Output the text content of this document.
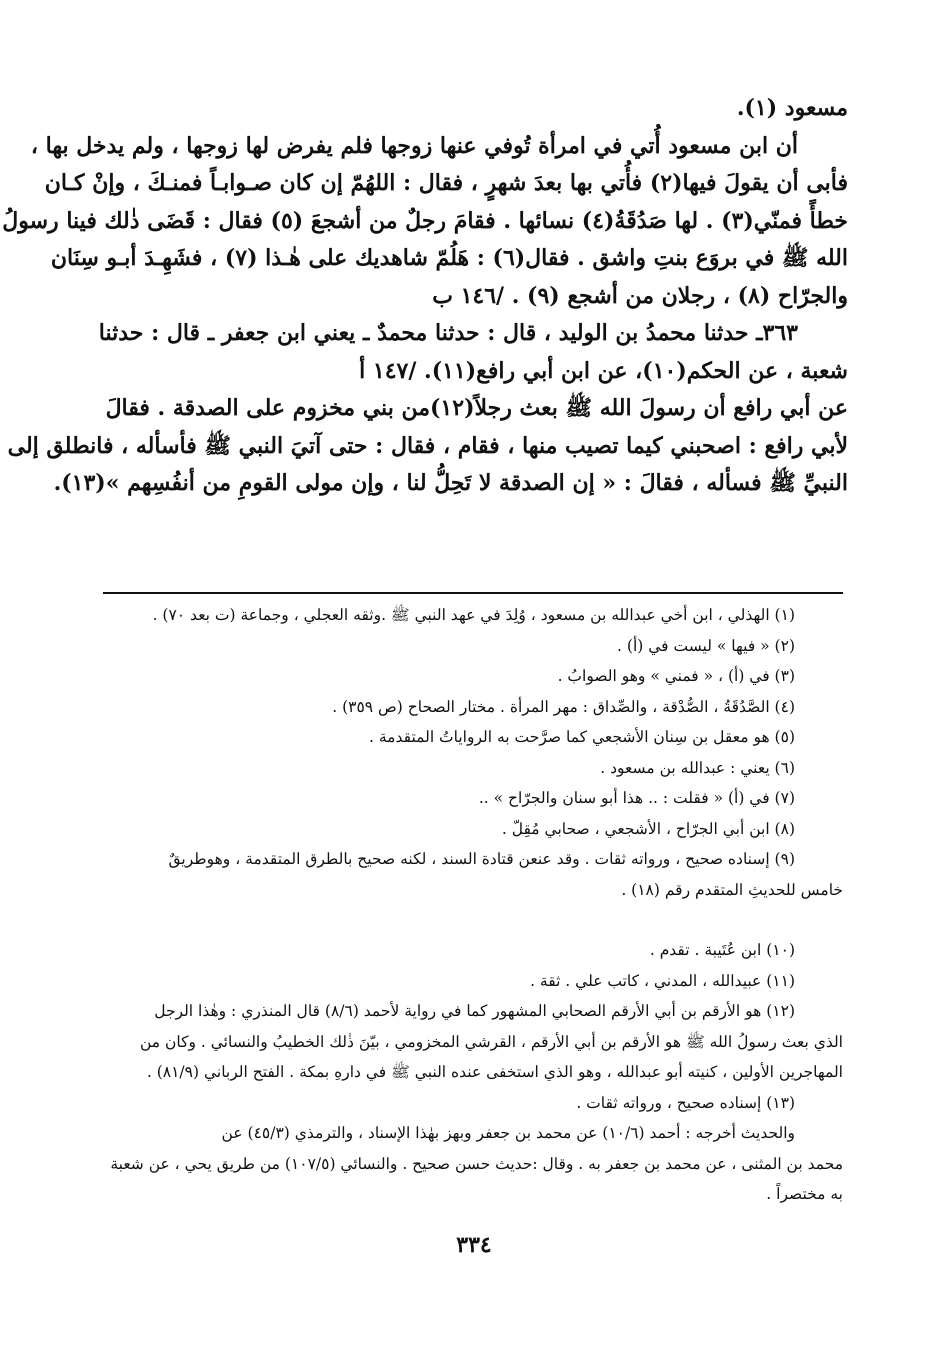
مسعود (١).
أن ابن مسعود أُتي في امرأة تُوفي عنها زوجها فلم يفرض لها زوجها ، ولم يدخل بها ،
فأبى أن يقولَ فيها(٢) فأُتي بها بعدَ شهرٍ ، فقال : اللهُمّ إن كان صـوابـاً فمنـكَ ، وإنْ كـان
خطأً فمنّي(٣) . لها صَدُقَةُ(٤) نسائها . فقامَ رجلٌ من أشجعَ (٥) فقال : قَضَى ذٰلك فينا رسولُ
الله ﷺ في بروَع بنتِ واشق . فقال(٦) : هَلُمّ شاهديك على هٰـذا (٧) ، فشَهِـدَ أبـو سِنَان
والجرّاح (٨) ، رجلان من أشجع (٩) . /١٤٦ ب
٣٦٣ـ حدثنا محمدُ بن الوليد ، قال : حدثنا محمدٌ ـ يعني ابن جعفر ـ قال : حدثنا
شعبة ، عن الحكم(١٠)، عن ابن أبي رافع(١١). /١٤٧ أ
عن أبي رافع أن رسولَ الله ﷺ بعث رجلاً(١٢)من بني مخزوم على الصدقة . فقالَ
لأبي رافع : اصحبني كيما تصيب منها ، فقام ، فقال : حتى آتيَ النبي ﷺ فأسأله ، فانطلق إلى
النبيِّ ﷺ فسأله ، فقالَ : « إن الصدقة لا تَحِلُّ لنا ، وإن مولى القومِ من أنفُسِهم »(١٣).
(١) الهذلي ، ابن أخي عبدالله بن مسعود ، وُلِدَ في عهد النبي ﷺ .وثقه العجلي ، وجماعة (ت بعد ٧٠) .
(٢) « فيها » ليست في (أ) .
(٣) في (أ) ، « فمني » وهو الصوابُ .
(٤) الصَّدُقَةُ ، الصُّدْقة ، والصِّداق : مهر المرأة . مختار الصحاح (ص ٣٥٩) .
(٥) هو معقل بن سِنان الأشجعي كما صرَّحت به الرواياتُ المتقدمة .
(٦) يعني : عبدالله بن مسعود .
(٧) في (أ) « فقلت : .. هذا أبو سنان والجرّاح » ..
(٨) ابن أبي الجرّاح ، الأشجعي ، صحابي مُقِلّ .
(٩) إسناده صحيح ، ورواته ثقات . وقد عنعن قتادة السند ، لكنه صحيح بالطرق المتقدمة ، وهوطريقٌ
خامس للحديثِ المتقدم رقم (١٨) .
(١٠) ابن عُتَيبة . تقدم .
(١١) عبيدالله ، المدني ، كاتب علي . ثقة .
(١٢) هو الأرقم بن أبي الأرقم الصحابي المشهور كما في رواية لأحمد (٨/٦) قال المنذري : وهٰذا الرجل
الذي بعث رسولُ الله ﷺ هو الأرقم بن أبي الأرقم ، القرشي المخزومي ، بيّنَ ذٰلك الخطيبُ والنسائي . وكان من
المهاجرين الأولين ، كنيته أبو عبدالله ، وهو الذي استخفى عنده النبي ﷺ في دارهِ بمكة . الفتح الرباني (٨١/٩) .
(١٣) إسناده صحيح ، ورواته ثقات .
والحديث أخرجه : أحمد (١٠/٦) عن محمد بن جعفر وبهز بهٰذا الإسناد ، والترمذي (٤٥/٣) عن
محمد بن المثنى ، عن محمد بن جعفر به . وقال :حديث حسن صحيح . والنسائي (١٠٧/٥) من طريق يحي ، عن شعبة
به مختصراً .
٣٣٤
